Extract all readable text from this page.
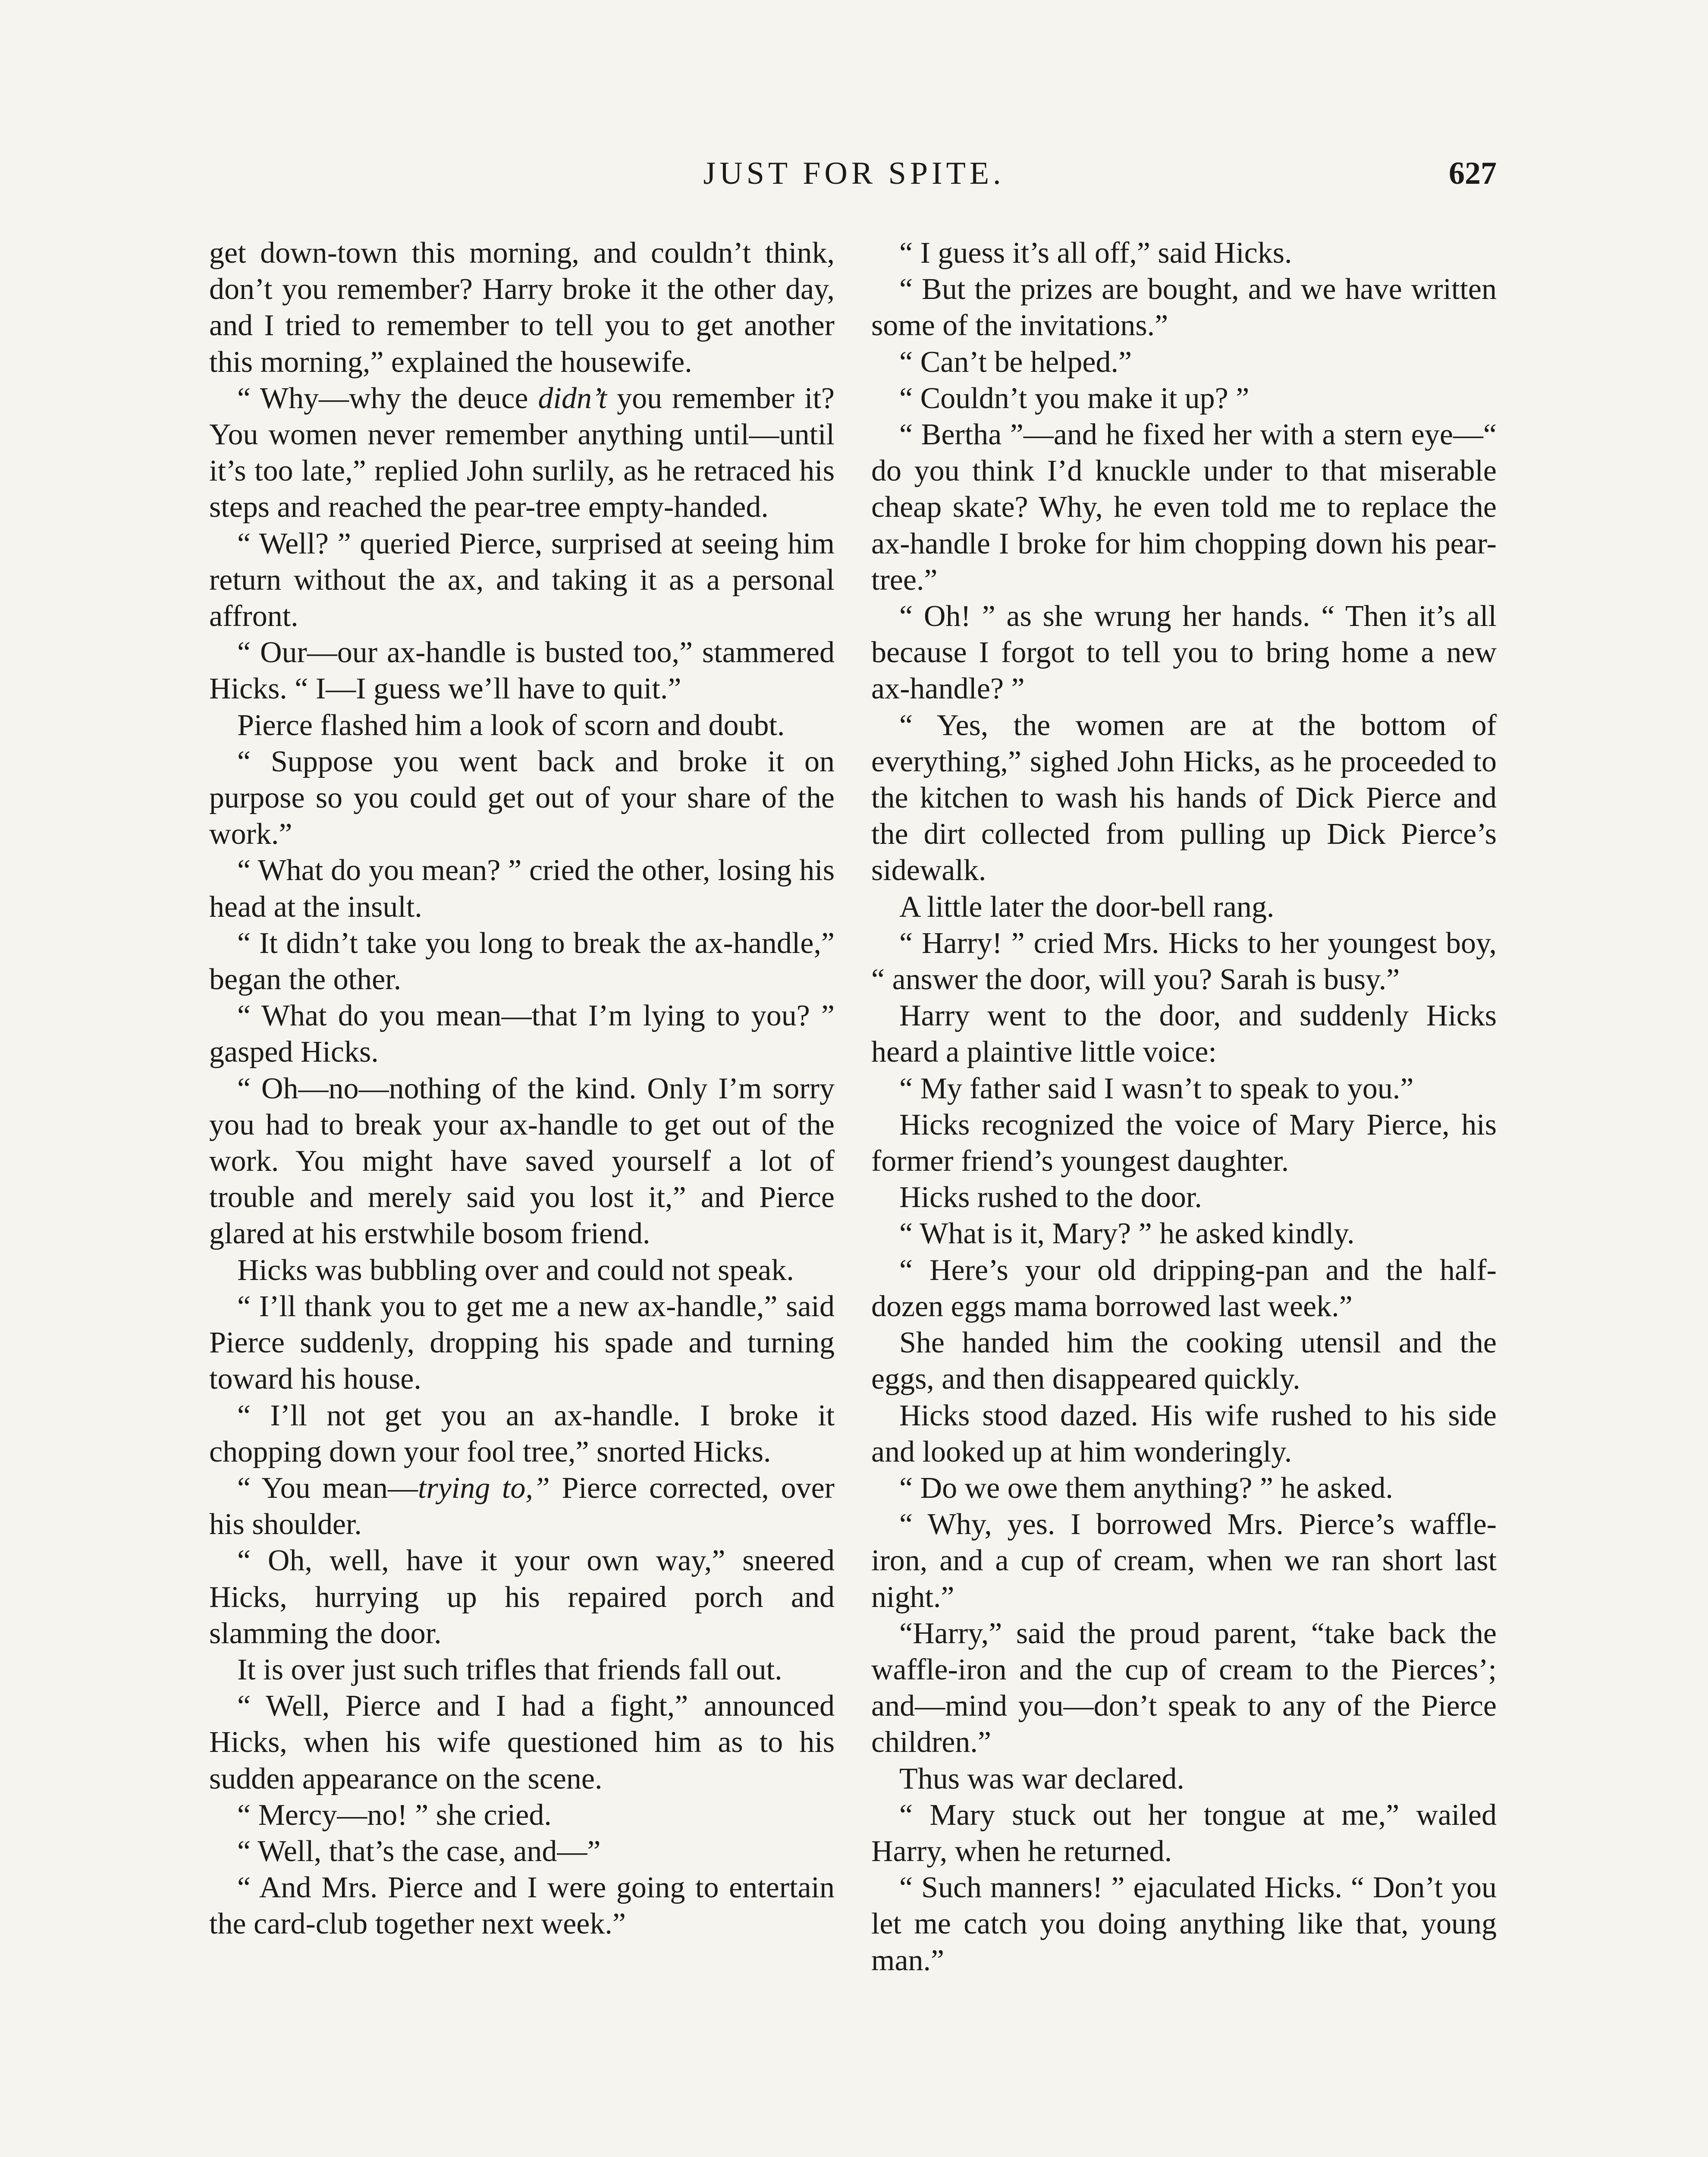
JUST FOR SPITE.	627

get down-town this morning, and couldn’t think, don’t you remember? Harry broke it the other day, and I tried to remember to tell you to get another this morning,” explained the housewife.

“ Why—why the deuce didn’t you remember it? You women never remember anything until—until it’s too late,” replied John surlily, as he retraced his steps and reached the pear-tree empty-handed.

“ Well? ” queried Pierce, surprised at seeing him return without the ax, and taking it as a personal affront.

“ Our—our ax-handle is busted too,” stammered Hicks. “ I—I guess we’ll have to quit.”

Pierce flashed him a look of scorn and doubt.

“ Suppose you went back and broke it on purpose so you could get out of your share of the work.”

“ What do you mean? ” cried the other, losing his head at the insult.

“ It didn’t take you long to break the ax-handle,” began the other.

“ What do you mean—that I’m lying to you? ” gasped Hicks.

“ Oh—no—nothing of the kind. Only I’m sorry you had to break your ax-handle to get out of the work. You might have saved yourself a lot of trouble and merely said you lost it,” and Pierce glared at his erstwhile bosom friend.

Hicks was bubbling over and could not speak.

“ I’ll thank you to get me a new ax-handle,” said Pierce suddenly, dropping his spade and turning toward his house.

“ I’ll not get you an ax-handle. I broke it chopping down your fool tree,” snorted Hicks.

“ You mean—trying to,” Pierce corrected, over his shoulder.

“ Oh, well, have it your own way,” sneered Hicks, hurrying up his repaired porch and slamming the door.

It is over just such trifles that friends fall out.

“ Well, Pierce and I had a fight,” announced Hicks, when his wife questioned him as to his sudden appearance on the scene.

“ Mercy—no! ” she cried.

“ Well, that’s the case, and—”

“ And Mrs. Pierce and I were going to entertain the card-club together next week.”

“ I guess it’s all off,” said Hicks.

“ But the prizes are bought, and we have written some of the invitations.”

“ Can’t be helped.”

“ Couldn’t you make it up? ”

“ Bertha ”—and he fixed her with a stern eye—“ do you think I’d knuckle under to that miserable cheap skate? Why, he even told me to replace the ax-handle I broke for him chopping down his pear-tree.”

“ Oh! ” as she wrung her hands. “ Then it’s all because I forgot to tell you to bring home a new ax-handle? ”

“ Yes, the women are at the bottom of everything,” sighed John Hicks, as he proceeded to the kitchen to wash his hands of Dick Pierce and the dirt collected from pulling up Dick Pierce’s sidewalk.

A little later the door-bell rang.

“ Harry! ” cried Mrs. Hicks to her youngest boy, “ answer the door, will you? Sarah is busy.”

Harry went to the door, and suddenly Hicks heard a plaintive little voice:

“ My father said I wasn’t to speak to you.”

Hicks recognized the voice of Mary Pierce, his former friend’s youngest daughter.

Hicks rushed to the door.

“ What is it, Mary? ” he asked kindly.

“ Here’s your old dripping-pan and the half-dozen eggs mama borrowed last week.”

She handed him the cooking utensil and the eggs, and then disappeared quickly.

Hicks stood dazed. His wife rushed to his side and looked up at him wonderingly.

“ Do we owe them anything? ” he asked.

“ Why, yes. I borrowed Mrs. Pierce’s waffle-iron, and a cup of cream, when we ran short last night.”

“Harry,” said the proud parent, “take back the waffle-iron and the cup of cream to the Pierces’; and—mind you—don’t speak to any of the Pierce children.”

Thus was war declared.

“ Mary stuck out her tongue at me,” wailed Harry, when he returned.

“ Such manners! ” ejaculated Hicks. “ Don’t you let me catch you doing anything like that, young man.”
